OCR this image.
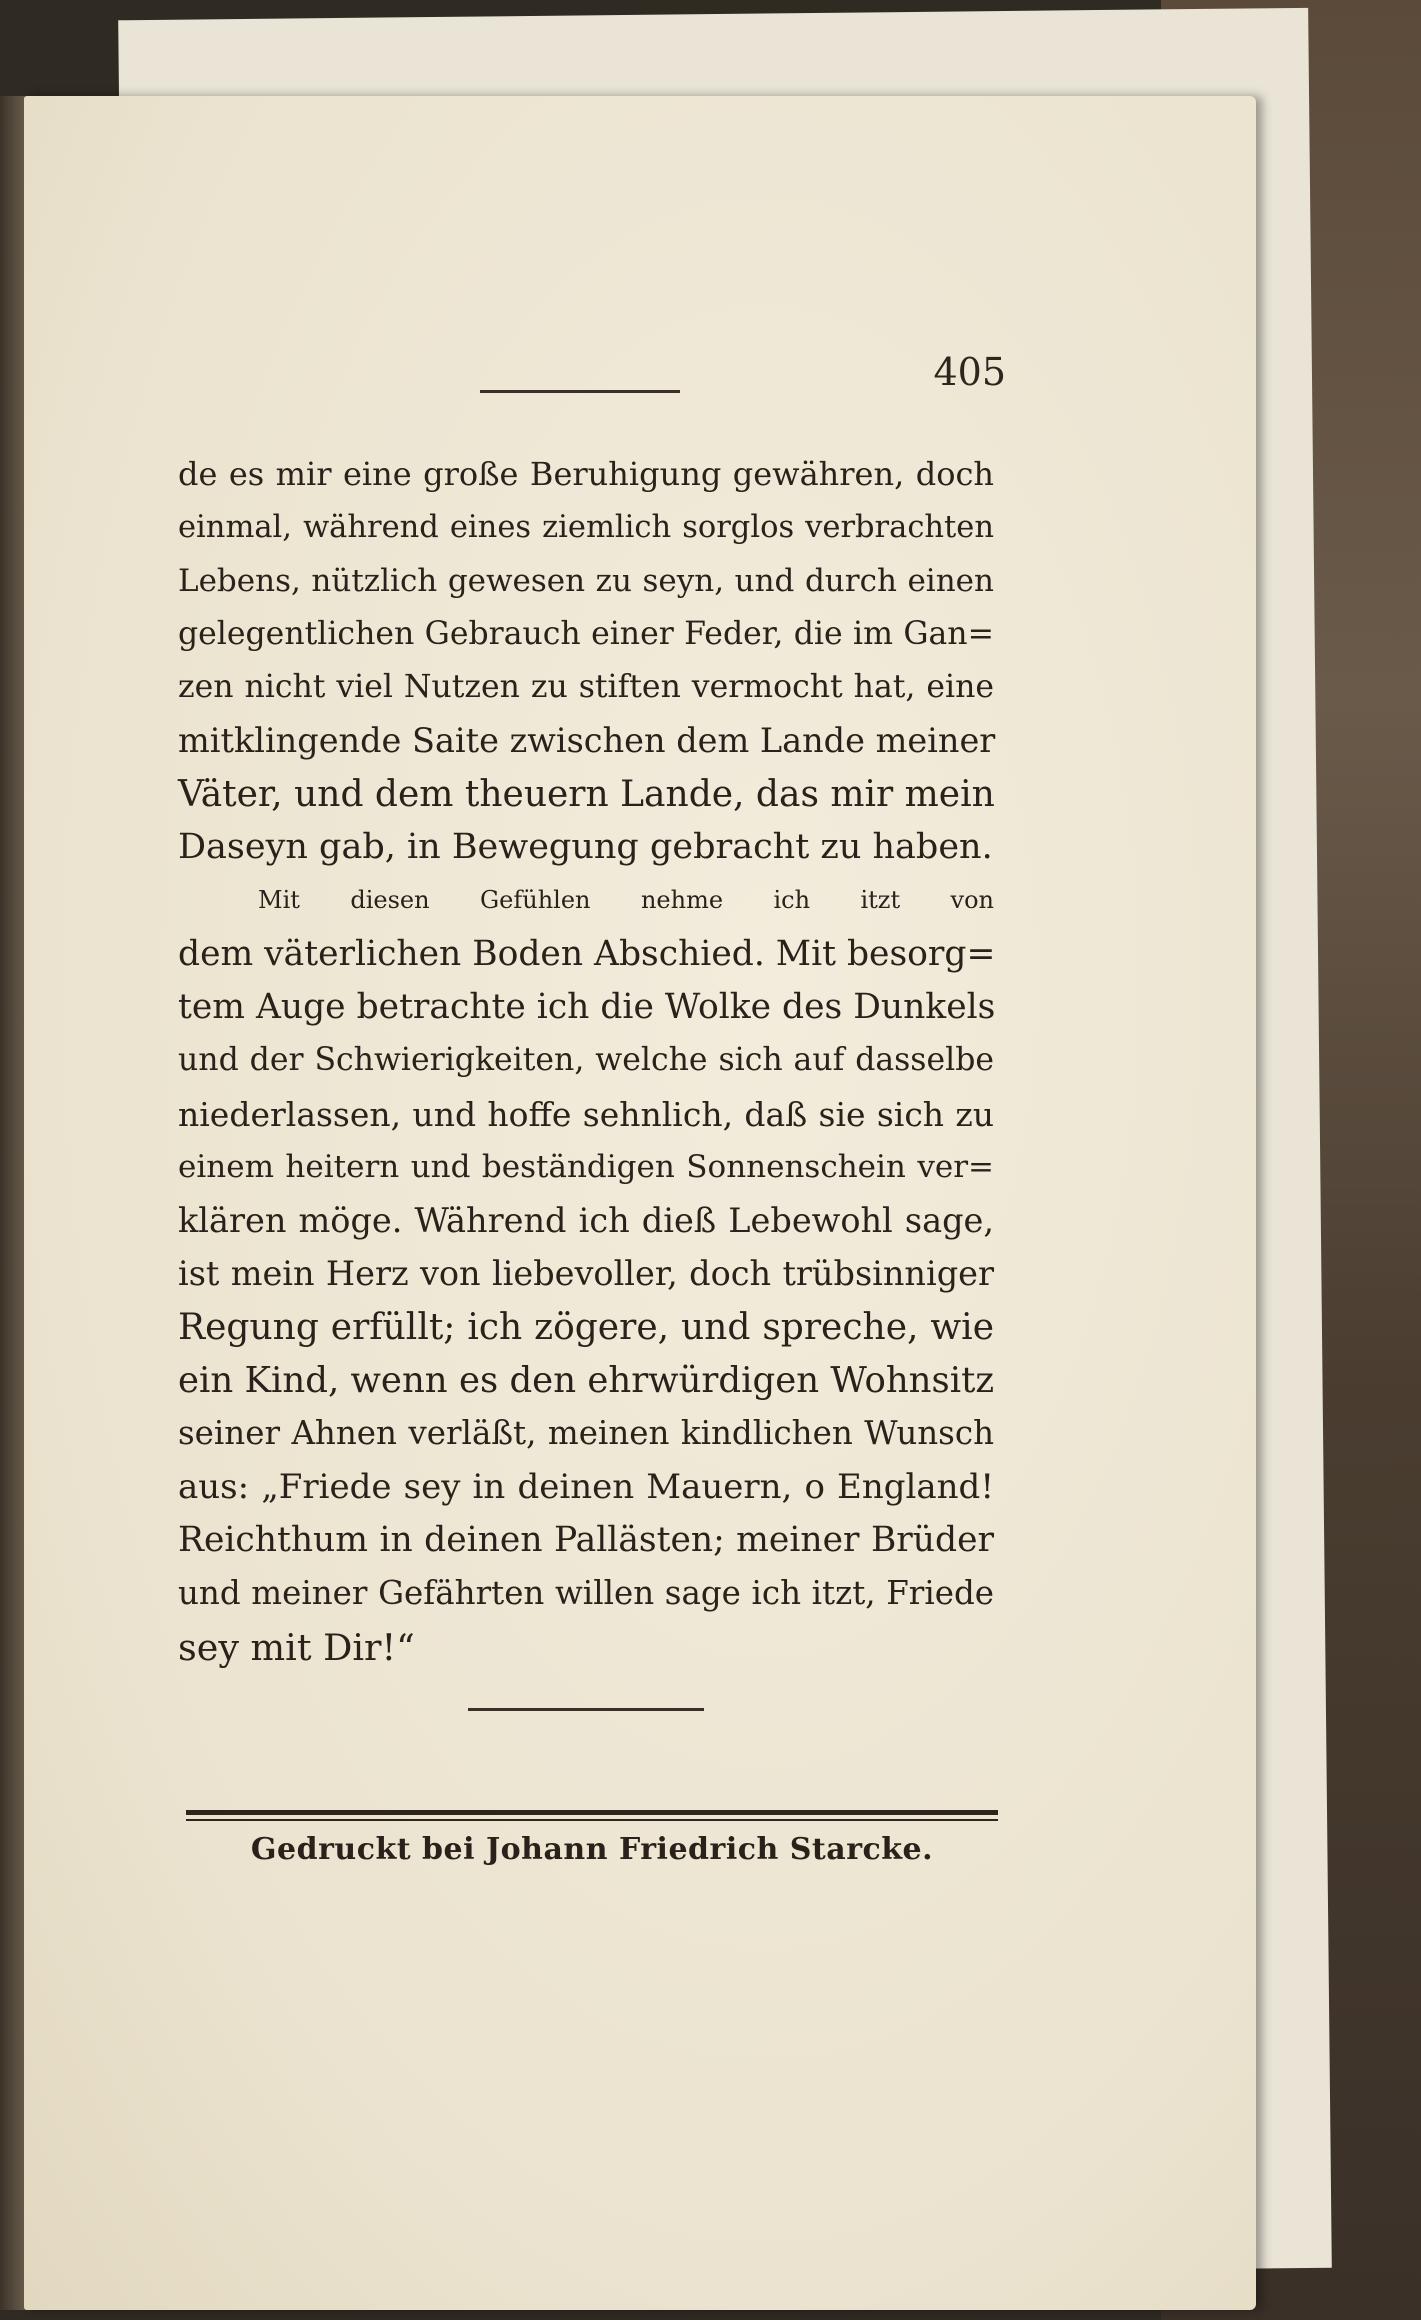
405
de es mir eine große Beruhigung gewähren, doch
einmal, während eines ziemlich sorglos verbrachten
Lebens, nützlich gewesen zu seyn, und durch einen
gelegentlichen Gebrauch einer Feder, die im Gan=
zen nicht viel Nutzen zu stiften vermocht hat, eine
mitklingende Saite zwischen dem Lande meiner
Väter, und dem theuern Lande, das mir mein
Daseyn gab, in Bewegung gebracht zu haben.
Mit diesen Gefühlen nehme ich itzt von
dem väterlichen Boden Abschied. Mit besorg=
tem Auge betrachte ich die Wolke des Dunkels
und der Schwierigkeiten, welche sich auf dasselbe
niederlassen, und hoffe sehnlich, daß sie sich zu
einem heitern und beständigen Sonnenschein ver=
klären möge. Während ich dieß Lebewohl sage,
ist mein Herz von liebevoller, doch trübsinniger
Regung erfüllt; ich zögere, und spreche, wie
ein Kind, wenn es den ehrwürdigen Wohnsitz
seiner Ahnen verläßt, meinen kindlichen Wunsch
aus: „Friede sey in deinen Mauern, o England!
Reichthum in deinen Pallästen; meiner Brüder
und meiner Gefährten willen sage ich itzt, Friede
sey mit Dir!“
Gedruckt bei Johann Friedrich Starcke.
